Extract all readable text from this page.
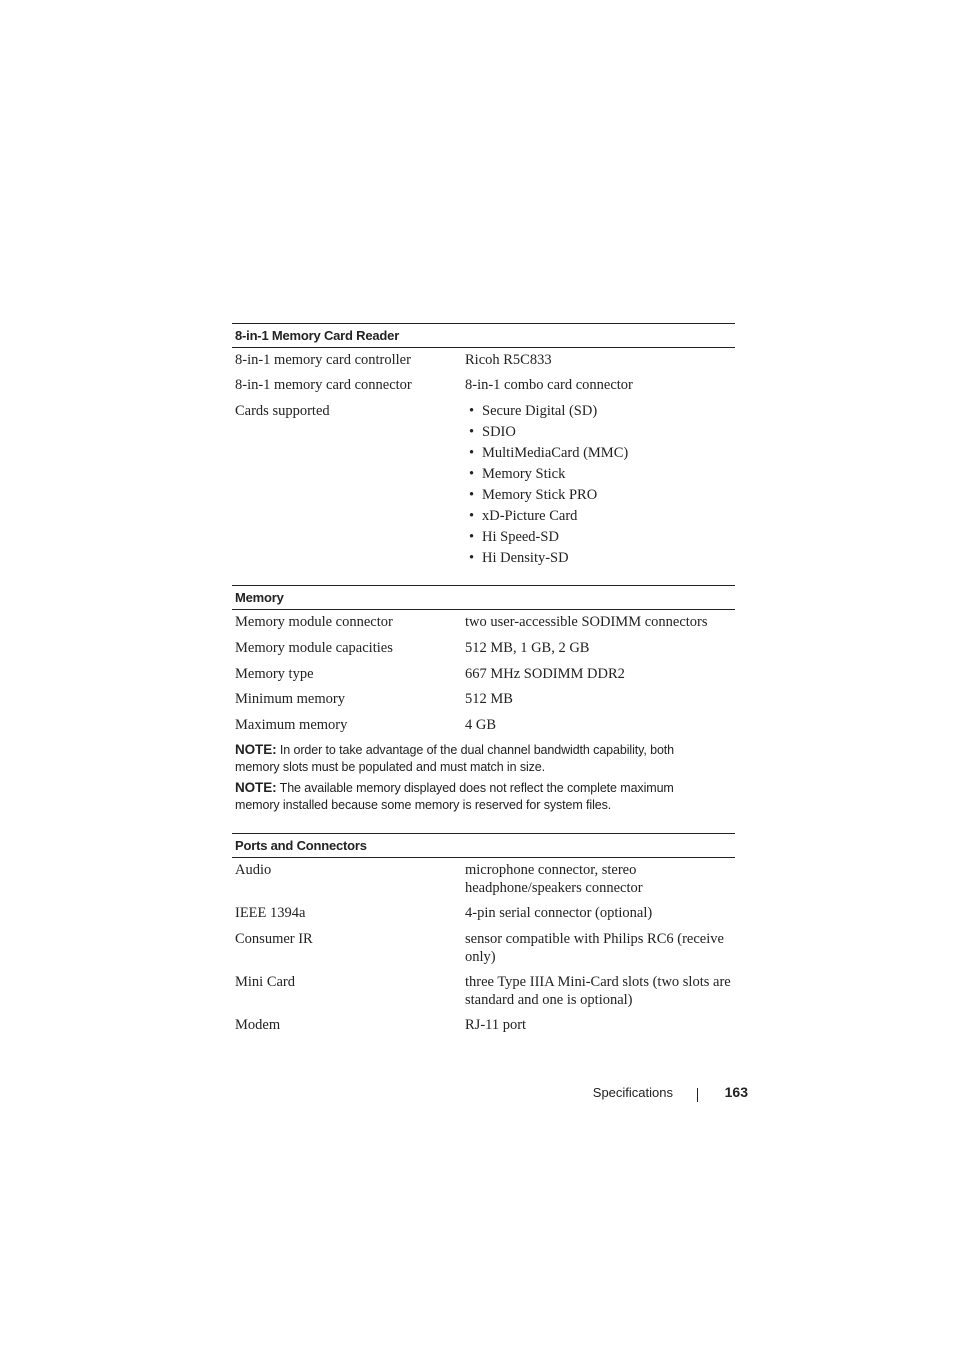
8-in-1 Memory Card Reader
8-in-1 memory card controller	Ricoh R5C833
8-in-1 memory card connector	8-in-1 combo card connector
Cards supported
•	Secure Digital (SD)
• SDIO
• MultiMediaCard (MMC)
• Memory Stick
• Memory Stick PRO
• xD-Picture Card
• Hi Speed-SD
• Hi Density-SD
Memory
Memory module connector	two user-accessible SODIMM connectors
Memory module capacities	512 MB, 1 GB, 2 GB
Memory type	667 MHz SODIMM DDR2
Minimum memory	512 MB
Maximum memory	4 GB
NOTE: In order to take advantage of the dual channel bandwidth capability, both memory slots must be populated and must match in size.
NOTE: The available memory displayed does not reflect the complete maximum memory installed because some memory is reserved for system files.
Ports and Connectors
Audio	microphone connector, stereo headphone/speakers connector
IEEE 1394a	4-pin serial connector (optional)
Consumer IR	sensor compatible with Philips RC6 (receive only)
Mini Card	three Type IIIA Mini-Card slots (two slots are standard and one is optional)
Modem	RJ-11 port
Specifications	163
